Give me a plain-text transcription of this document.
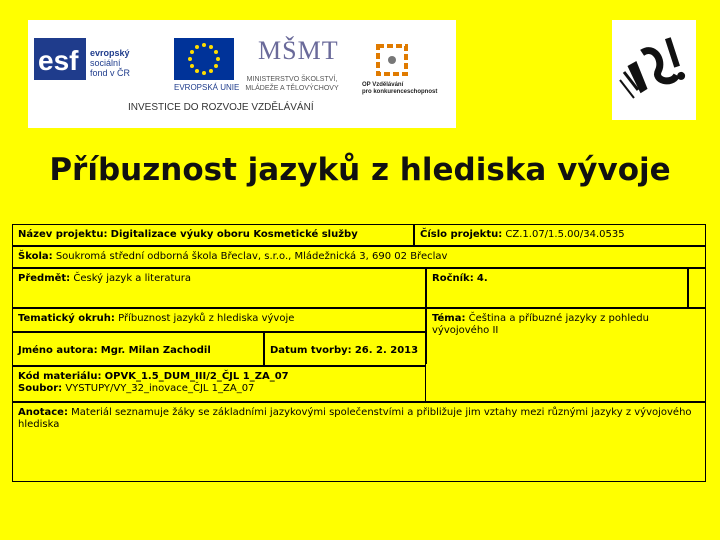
esf evropský
sociální
fond v ČR
EVROPSKÁ UNIE
MŠMT
MINISTERSTVO ŠKOLSTVÍ,
MLÁDEŽE A TĚLOVÝCHOVY	OP Vzdělávání
pro konkurenceschopnost
INVESTICE DO ROZVOJE VZDĚLÁVÁNÍ
Příbuznost jazyků z hlediska vývoje
Název projektu: Digitalizace výuky oboru Kosmetické služby	Číslo projektu: CZ.1.07/1.5.00/34.0535
Škola: Soukromá střední odborná škola Břeclav, s.r.o., Mládežnická 3, 690 02 Břeclav
Předmět: Český jazyk a literatura	Ročník: 4.
Tematický okruh: Příbuznost jazyků z hlediska vývoje	Téma: Čeština a příbuzné jazyky z pohledu vývojového II
Jméno autora: Mgr. Milan Zachodil	Datum tvorby: 26. 2. 2013
Kód materiálu: OPVK_1.5_DUM_III/2_ČJL 1_ZA_07
Soubor: VYSTUPY/VY_32_inovace_ČJL 1_ZA_07
Anotace: Materiál seznamuje žáky se základními jazykovými společenstvími a přibližuje jim vztahy mezi různými jazyky z vývojového hlediska
